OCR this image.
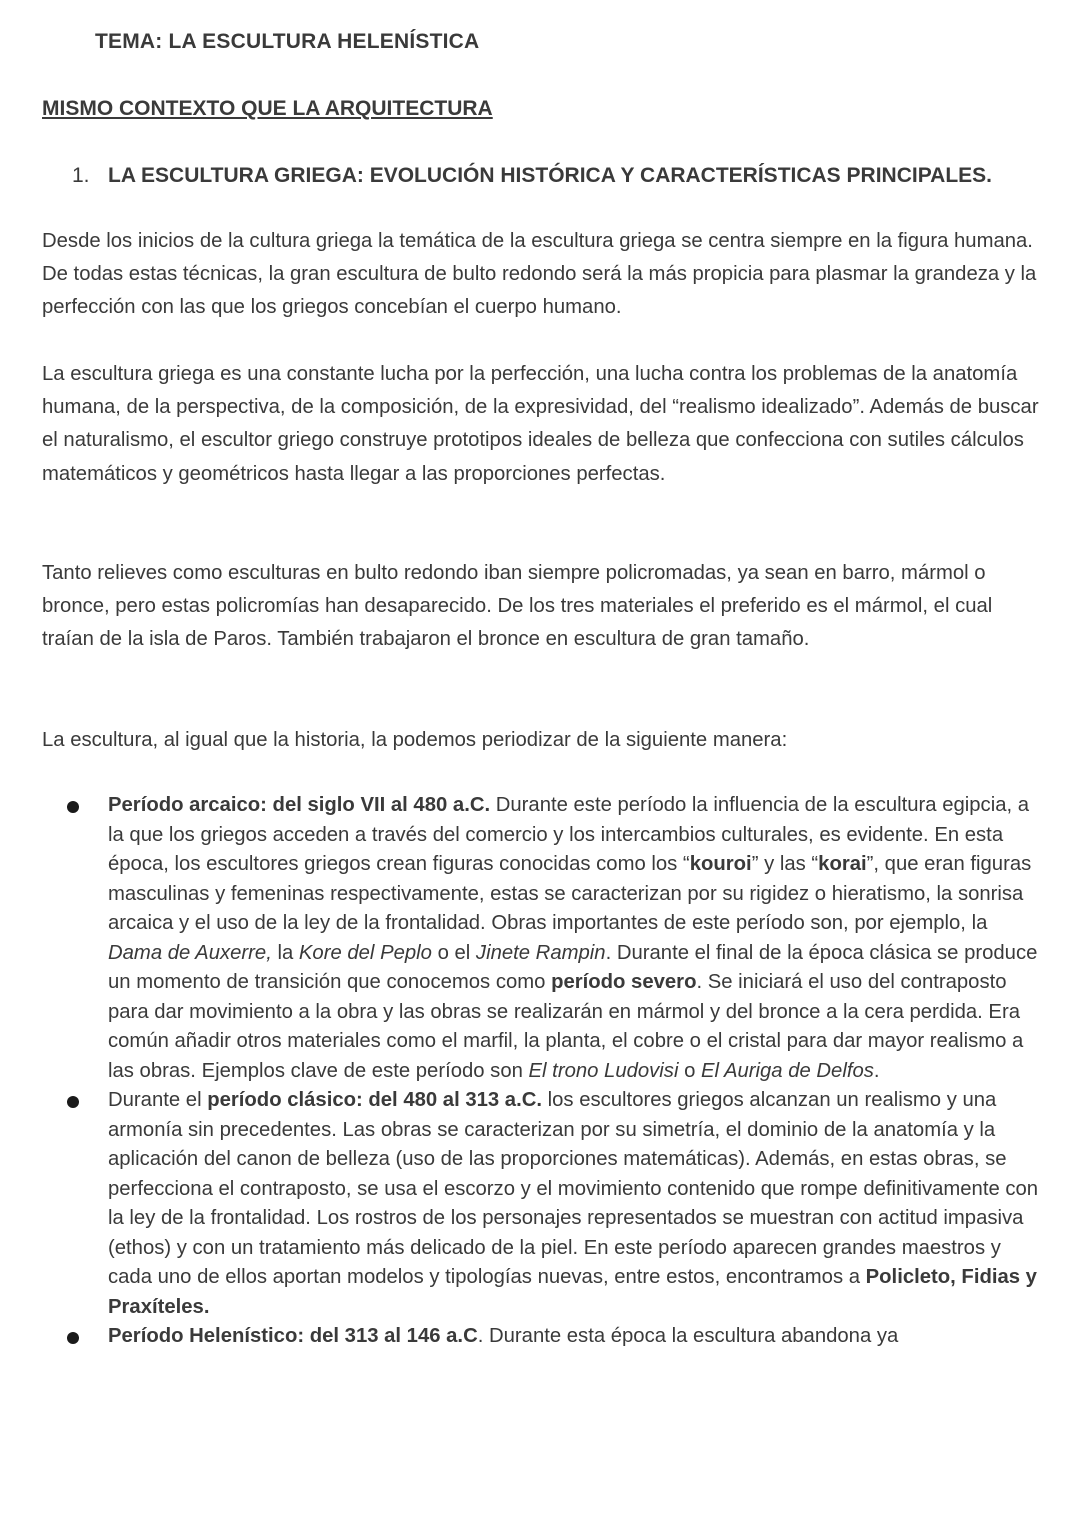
TEMA: LA ESCULTURA HELENÍSTICA
MISMO CONTEXTO QUE LA ARQUITECTURA
1. LA ESCULTURA GRIEGA: EVOLUCIÓN HISTÓRICA Y CARACTERÍSTICAS PRINCIPALES.

Desde los inicios de la cultura griega la temática de la escultura griega se centra siempre en la figura humana. De todas estas técnicas, la gran escultura de bulto redondo será la más propicia para plasmar la grandeza y la perfección con las que los griegos concebían el cuerpo humano.

La escultura griega es una constante lucha por la perfección, una lucha contra los problemas de la anatomía humana, de la perspectiva, de la composición, de la expresividad, del “realismo idealizado”. Además de buscar el naturalismo, el escultor griego construye prototipos ideales de belleza que confecciona con sutiles cálculos matemáticos y geométricos hasta llegar a las proporciones perfectas.

Tanto relieves como esculturas en bulto redondo iban siempre policromadas, ya sean en barro, mármol o bronce, pero estas policromías han desaparecido. De los tres materiales el preferido es el mármol, el cual traían de la isla de Paros. También trabajaron el bronce en escultura de gran tamaño.

La escultura, al igual que la historia, la podemos periodizar de la siguiente manera:

Período arcaico: del siglo VII al 480 a.C. Durante este período la influencia de la escultura egipcia, a la que los griegos acceden a través del comercio y los intercambios culturales, es evidente. En esta época, los escultores griegos crean figuras conocidas como los “kouroi” y las “korai”, que eran figuras masculinas y femeninas respectivamente, estas se caracterizan por su rigidez o hieratismo, la sonrisa arcaica y el uso de la ley de la frontalidad. Obras importantes de este período son, por ejemplo, la Dama de Auxerre, la Kore del Peplo o el Jinete Rampin. Durante el final de la época clásica se produce un momento de transición que conocemos como período severo. Se iniciará el uso del contraposto para dar movimiento a la obra y las obras se realizarán en mármol y del bronce a la cera perdida. Era común añadir otros materiales como el marfil, la planta, el cobre o el cristal para dar mayor realismo a las obras. Ejemplos clave de este período son El trono Ludovisi o El Auriga de Delfos.
Durante el período clásico: del 480 al 313 a.C. los escultores griegos alcanzan un realismo y una armonía sin precedentes. Las obras se caracterizan por su simetría, el dominio de la anatomía y la aplicación del canon de belleza (uso de las proporciones matemáticas). Además, en estas obras, se perfecciona el contraposto, se usa el escorzo y el movimiento contenido que rompe definitivamente con la ley de la frontalidad. Los rostros de los personajes representados se muestran con actitud impasiva (ethos) y con un tratamiento más delicado de la piel. En este período aparecen grandes maestros y cada uno de ellos aportan modelos y tipologías nuevas, entre estos, encontramos a Policleto, Fidias y Praxíteles.
Período Helenístico: del 313 al 146 a.C. Durante esta época la escultura abandona ya
